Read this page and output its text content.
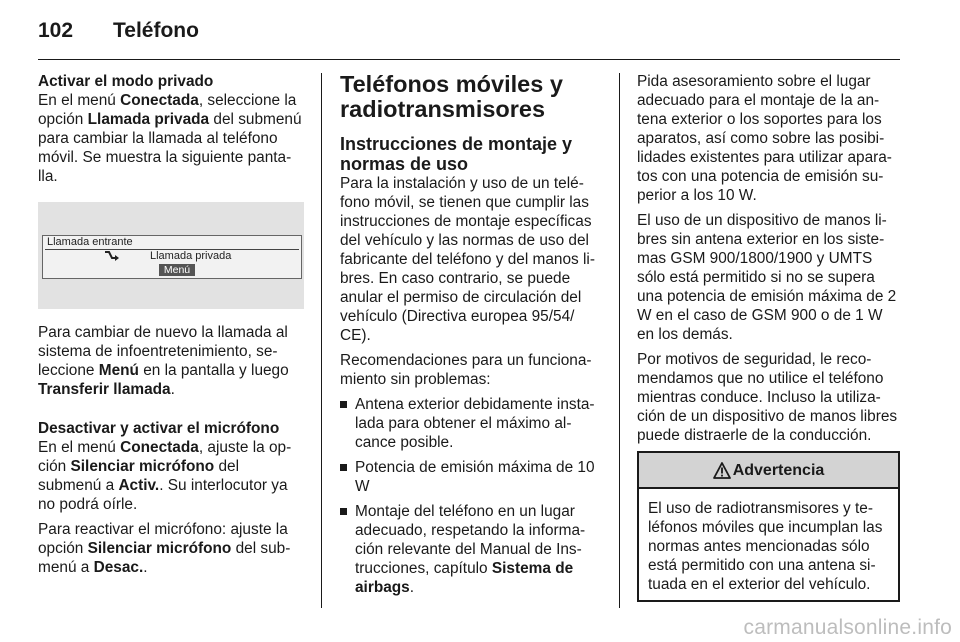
102	Teléfono

Activar el modo privado

En el menú Conectada, seleccione la opción Llamada privada del submenú para cambiar la llamada al teléfono móvil. Se muestra la siguiente panta-lla.

Llamada entrante
Llamada privada
Menú

Para cambiar de nuevo la llamada al sistema de infoentretenimiento, se-leccione Menú en la pantalla y luego Transferir llamada.

Desactivar y activar el micrófono

En el menú Conectada, ajuste la op-ción Silenciar micrófono del submenú a Activ.. Su interlocutor ya no podrá oírle.

Para reactivar el micrófono: ajuste la opción Silenciar micrófono del sub-menú a Desac..

Teléfonos móviles y radiotransmisores
Instrucciones de montaje y normas de uso

Para la instalación y uso de un telé-fono móvil, se tienen que cumplir las instrucciones de montaje específicas del vehículo y las normas de uso del fabricante del teléfono y del manos li-bres. En caso contrario, se puede anular el permiso de circulación del vehículo (Directiva europea 95/54/ CE).

Recomendaciones para un funciona-miento sin problemas:

Antena exterior debidamente insta-lada para obtener el máximo al-cance posible.
Potencia de emisión máxima de 10 W
Montaje del teléfono en un lugar adecuado, respetando la informa-ción relevante del Manual de Ins-trucciones, capítulo Sistema de airbags.

Pida asesoramiento sobre el lugar adecuado para el montaje de la an-tena exterior o los soportes para los aparatos, así como sobre las posibi-lidades existentes para utilizar apara-tos con una potencia de emisión su-perior a los 10 W.

El uso de un dispositivo de manos li-bres sin antena exterior en los siste-mas GSM 900/1800/1900 y UMTS sólo está permitido si no se supera una potencia de emisión máxima de 2 W en el caso de GSM 900 o de 1 W en los demás.

Por motivos de seguridad, le reco-mendamos que no utilice el teléfono mientras conduce. Incluso la utiliza-ción de un dispositivo de manos libres puede distraerle de la conducción.

Advertencia
El uso de radiotransmisores y te-léfonos móviles que incumplan las normas antes mencionadas sólo está permitido con una antena si-tuada en el exterior del vehículo.
carmanualsonline.info
